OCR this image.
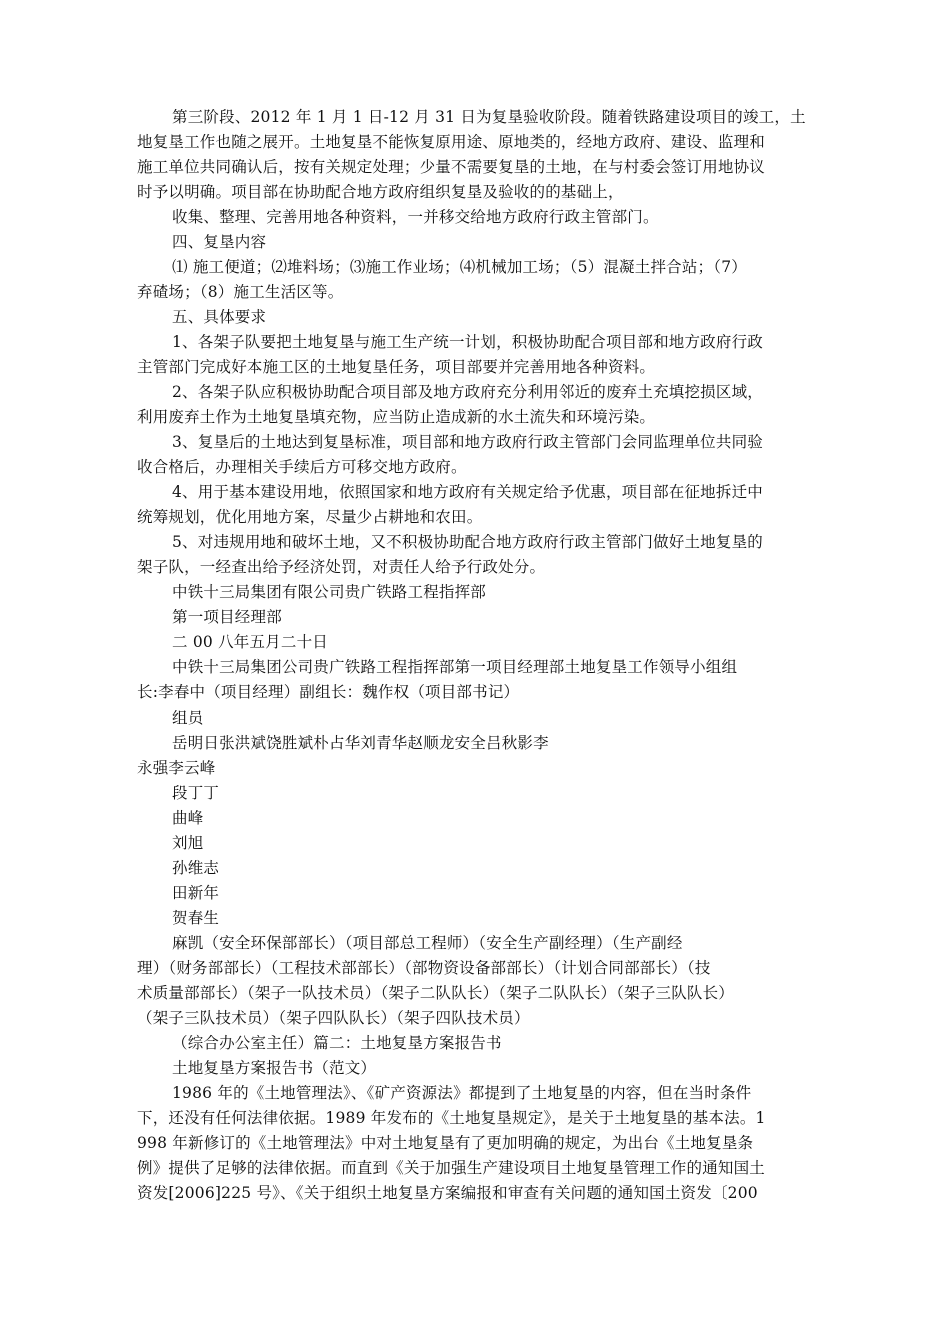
第三阶段、2012 年 1 月 1 日-12 月 31 日为复垦验收阶段。随着铁路建设项目的竣工，土
地复垦工作也随之展开。土地复垦不能恢复原用途、原地类的，经地方政府、建设、监理和
施工单位共同确认后，按有关规定处理；少量不需要复垦的土地，在与村委会签订用地协议
时予以明确。项目部在协助配合地方政府组织复垦及验收的的基础上，
收集、整理、完善用地各种资料，一并移交给地方政府行政主管部门。
四、复垦内容
⑴ 施工便道；⑵堆料场；⑶施工作业场；⑷机械加工场；（5）混凝土拌合站；（7）
弃碴场；（8）施工生活区等。
五、具体要求
1、各架子队要把土地复垦与施工生产统一计划，积极协助配合项目部和地方政府行政
主管部门完成好本施工区的土地复垦任务，项目部要并完善用地各种资料。
2、各架子队应积极协助配合项目部及地方政府充分利用邻近的废弃土充填挖损区域，
利用废弃土作为土地复垦填充物，应当防止造成新的水土流失和环境污染。
3、复垦后的土地达到复垦标准，项目部和地方政府行政主管部门会同监理单位共同验
收合格后，办理相关手续后方可移交地方政府。
4、用于基本建设用地，依照国家和地方政府有关规定给予优惠，项目部在征地拆迁中
统筹规划，优化用地方案，尽量少占耕地和农田。
5、对违规用地和破坏土地，又不积极协助配合地方政府行政主管部门做好土地复垦的
架子队，一经查出给予经济处罚，对责任人给予行政处分。
中铁十三局集团有限公司贵广铁路工程指挥部
第一项目经理部
二 00 八年五月二十日
中铁十三局集团公司贵广铁路工程指挥部第一项目经理部土地复垦工作领导小组组
长:李春中（项目经理）副组长：魏作权（项目部书记）
组员
岳明日张洪斌饶胜斌朴占华刘青华赵顺龙安全吕秋影李
永强李云峰
段丁丁
曲峰
刘旭
孙维志
田新年
贺春生
麻凯（安全环保部部长）（项目部总工程师）（安全生产副经理）（生产副经
理）（财务部部长）（工程技术部部长）（部物资设备部部长）（计划合同部部长）（技
术质量部部长）（架子一队技术员）（架子二队队长）（架子二队队长）（架子三队队长）
（架子三队技术员）（架子四队队长）（架子四队技术员）
（综合办公室主任）篇二：土地复垦方案报告书
土地复垦方案报告书（范文）
1986 年的《土地管理法》、《矿产资源法》都提到了土地复垦的内容，但在当时条件
下，还没有任何法律依据。1989 年发布的《土地复垦规定》，是关于土地复垦的基本法。1
998 年新修订的《土地管理法》中对土地复垦有了更加明确的规定，为出台《土地复垦条
例》提供了足够的法律依据。而直到《关于加强生产建设项目土地复垦管理工作的通知国土
资发[2006]225 号》、《关于组织土地复垦方案编报和审查有关问题的通知国土资发〔200
